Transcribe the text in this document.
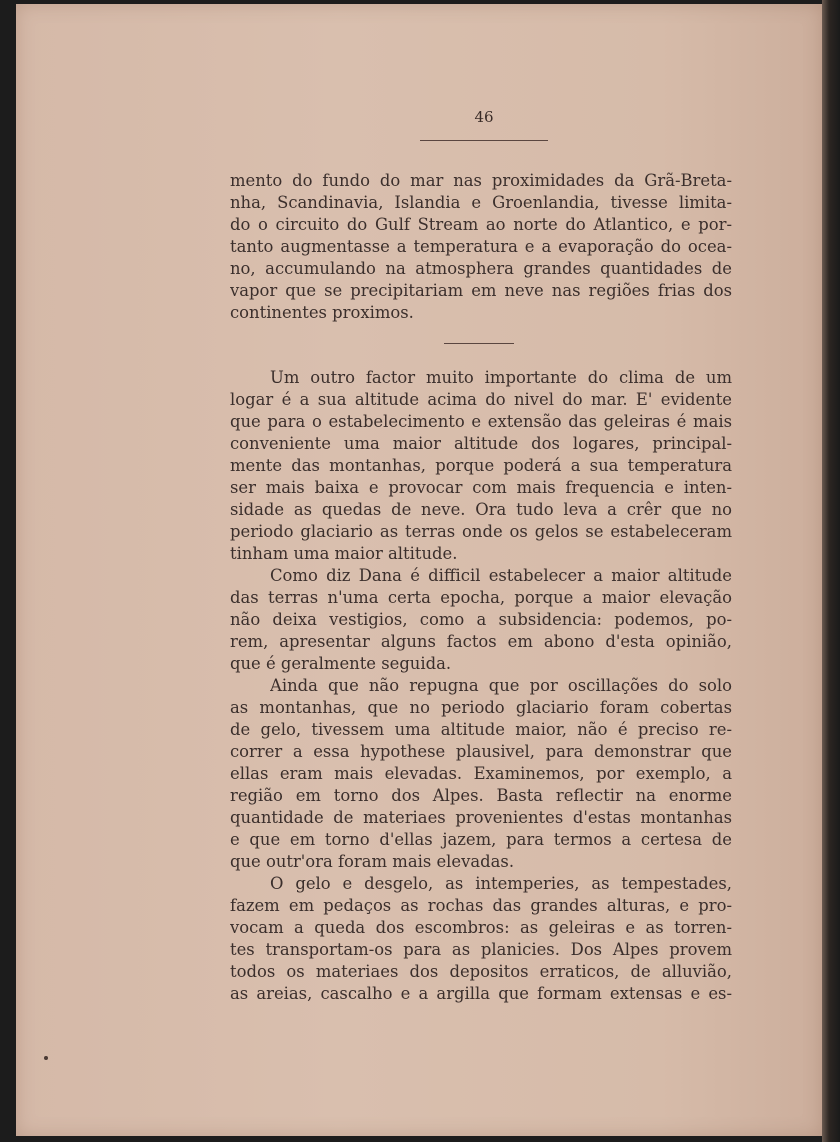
46
mento do fundo do mar nas proximidades da Grã-Breta-
nha, Scandinavia, Islandia e Groenlandia, tivesse limita-
do o circuito do Gulf Stream ao norte do Atlantico, e por-
tanto augmentasse a temperatura e a evaporação do ocea-
no, accumulando na atmosphera grandes quantidades de
vapor que se precipitariam em neve nas regiões frias dos
continentes proximos.
Um outro factor muito importante do clima de um
logar é a sua altitude acima do nivel do mar. E' evidente
que para o estabelecimento e extensão das geleiras é mais
conveniente uma maior altitude dos logares, principal-
mente das montanhas, porque poderá a sua temperatura
ser mais baixa e provocar com mais frequencia e inten-
sidade as quedas de neve. Ora tudo leva a crêr que no
periodo glaciario as terras onde os gelos se estabeleceram
tinham uma maior altitude.
Como diz Dana é difficil estabelecer a maior altitude
das terras n'uma certa epocha, porque a maior elevação
não deixa vestigios, como a subsidencia: podemos, po-
rem, apresentar alguns factos em abono d'esta opinião,
que é geralmente seguida.
Ainda que não repugna que por oscillações do solo
as montanhas, que no periodo glaciario foram cobertas
de gelo, tivessem uma altitude maior, não é preciso re-
correr a essa hypothese plausivel, para demonstrar que
ellas eram mais elevadas. Examinemos, por exemplo, a
região em torno dos Alpes. Basta reflectir na enorme
quantidade de materiaes provenientes d'estas montanhas
e que em torno d'ellas jazem, para termos a certesa de
que outr'ora foram mais elevadas.
O gelo e desgelo, as intemperies, as tempestades,
fazem em pedaços as rochas das grandes alturas, e pro-
vocam a queda dos escombros: as geleiras e as torren-
tes transportam-os para as planicies. Dos Alpes provem
todos os materiaes dos depositos erraticos, de alluvião,
as areias, cascalho e a argilla que formam extensas e es-
